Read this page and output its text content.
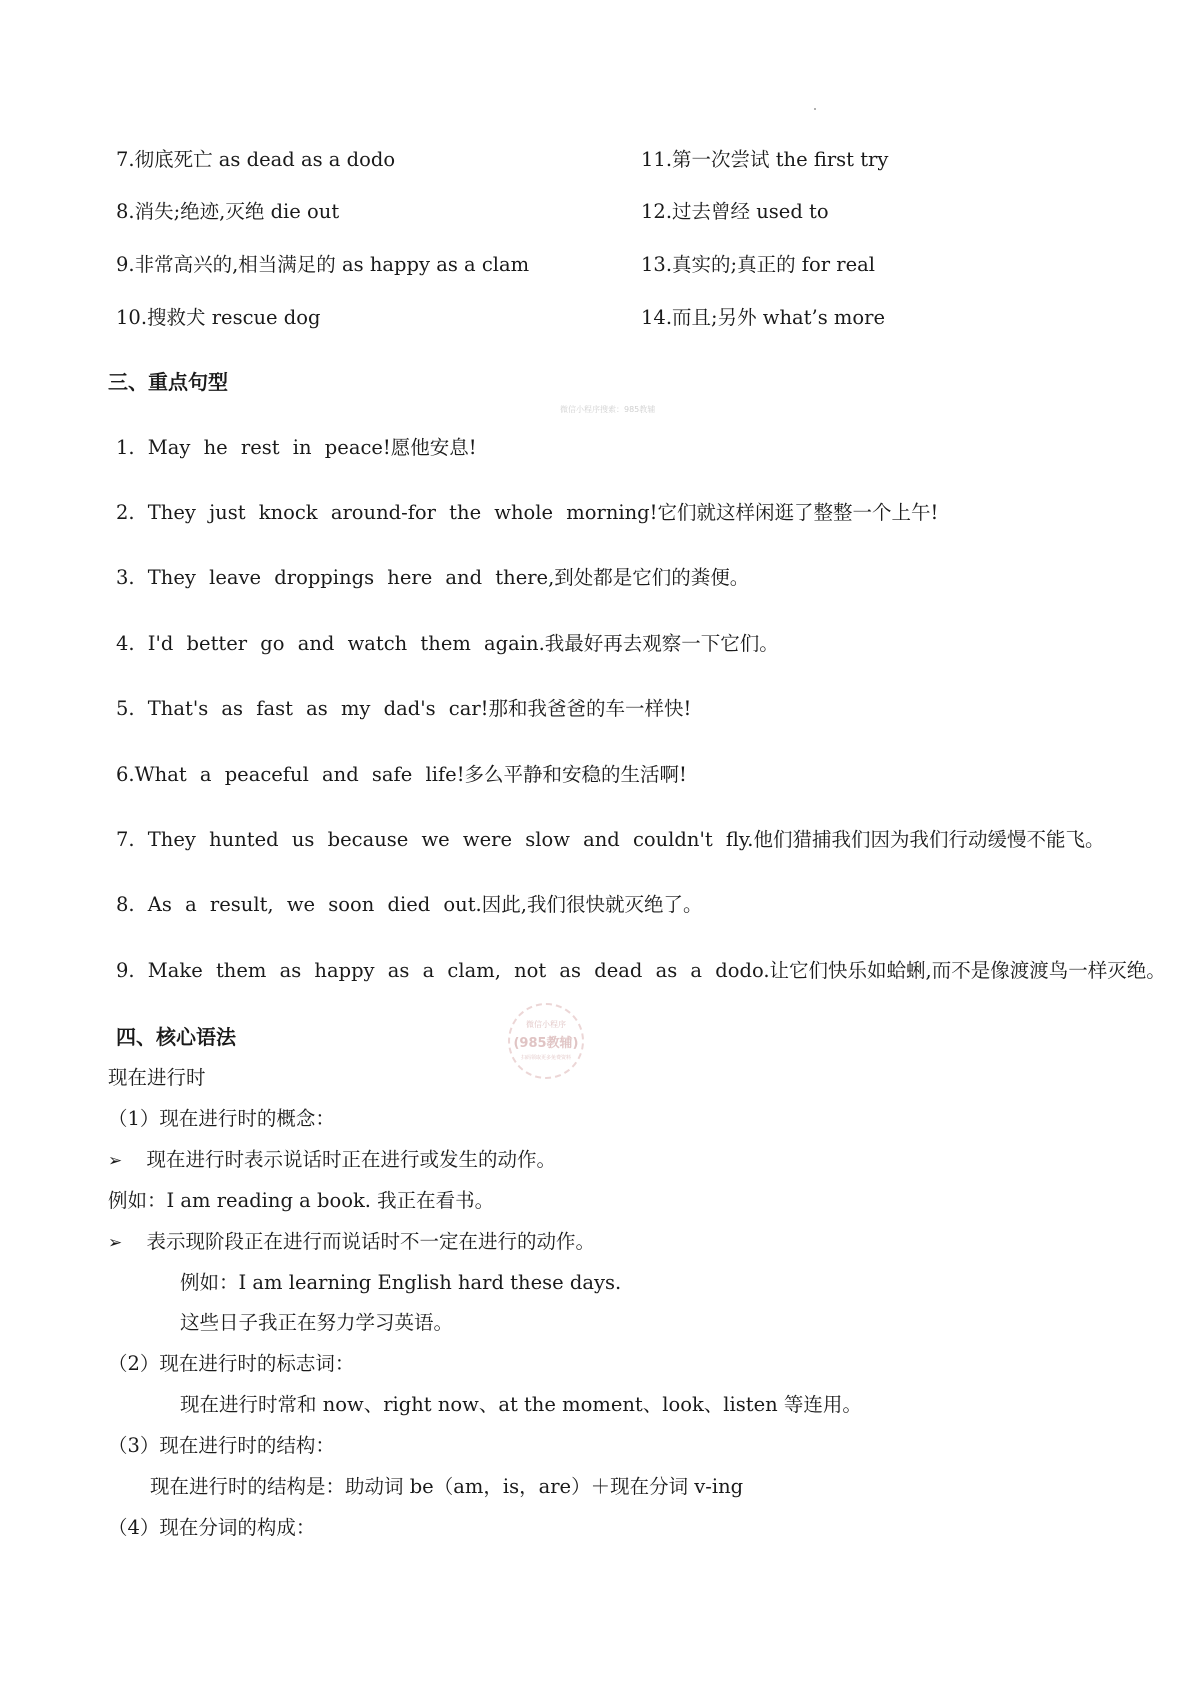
7.彻底死亡 as dead as a dodo
8.消失;绝迹,灭绝 die out
9.非常高兴的,相当满足的 as happy as a clam
10.搜救犬 rescue dog
11.第一次尝试 the first try
12.过去曾经 used to
13.真实的;真正的 for real
14.而且;另外 what’s more
三、重点句型
微信小程序搜索：985教辅
1. May he rest in peace!愿他安息!
2. They just knock around-for the whole morning!它们就这样闲逛了整整一个上午!
3. They leave droppings here and there,到处都是它们的粪便。
4. I'd better go and watch them again.我最好再去观察一下它们。
5. That's as fast as my dad's car!那和我爸爸的车一样快!
6.What a peaceful and safe life!多么平静和安稳的生活啊!
7. They hunted us because we were slow and couldn't fly.他们猎捕我们因为我们行动缓慢不能飞。
8. As a result, we soon died out.因此,我们很快就灭绝了。
9. Make them as happy as a clam, not as dead as a dodo.让它们快乐如蛤蜊,而不是像渡渡鸟一样灭绝。
四、核心语法
微信小程序
(985教辅)
扫码领取更多免费资料
现在进行时
（1）现在进行时的概念：
➢ 现在进行时表示说话时正在进行或发生的动作。
例如：I am reading a book. 我正在看书。
➢ 表示现阶段正在进行而说话时不一定在进行的动作。
例如：I am learning English hard these days.
这些日子我正在努力学习英语。
（2）现在进行时的标志词：
现在进行时常和 now、right now、at the moment、look、listen 等连用。
（3）现在进行时的结构：
现在进行时的结构是：助动词 be（am，is，are）＋现在分词 v-ing
（4）现在分词的构成：
